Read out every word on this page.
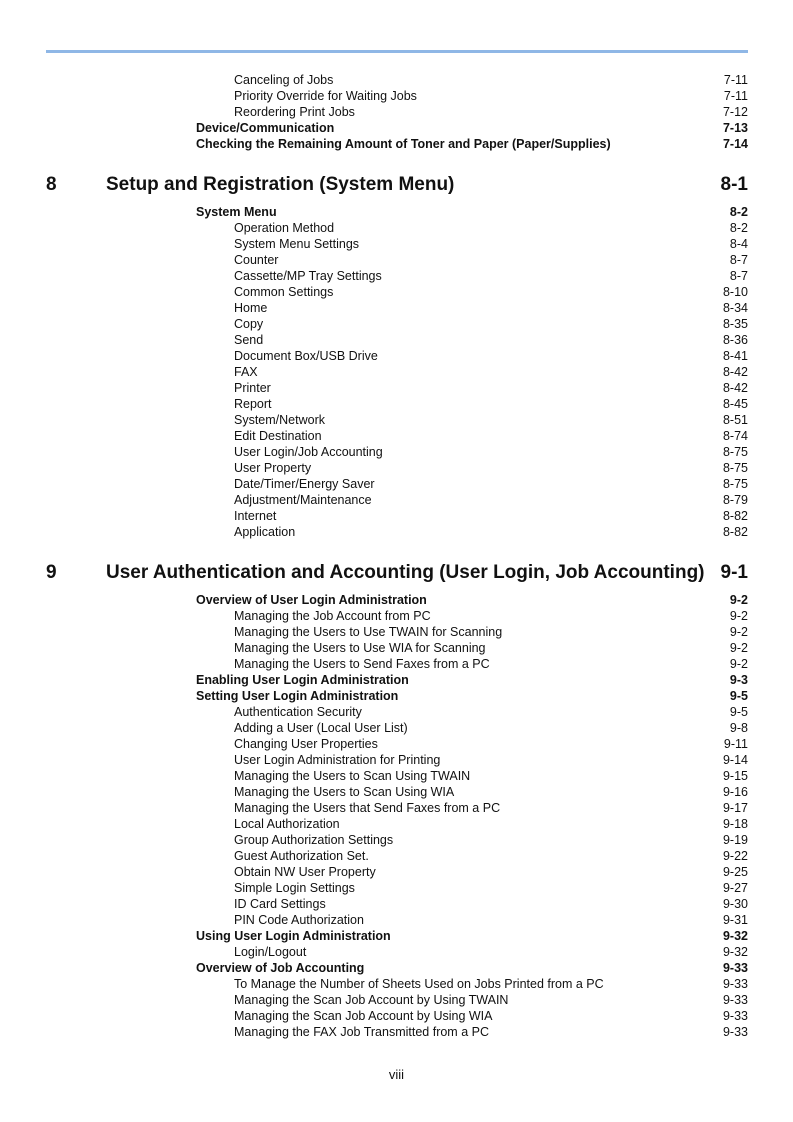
Canceling of Jobs	7-11
Priority Override for Waiting Jobs	7-11
Reordering Print Jobs	7-12
Device/Communication	7-13
Checking the Remaining Amount of Toner and Paper (Paper/Supplies)	7-14
8	Setup and Registration (System Menu)	8-1
System Menu	8-2
Operation Method	8-2
System Menu Settings	8-4
Counter	8-7
Cassette/MP Tray Settings	8-7
Common Settings	8-10
Home	8-34
Copy	8-35
Send	8-36
Document Box/USB Drive	8-41
FAX	8-42
Printer	8-42
Report	8-45
System/Network	8-51
Edit Destination	8-74
User Login/Job Accounting	8-75
User Property	8-75
Date/Timer/Energy Saver	8-75
Adjustment/Maintenance	8-79
Internet	8-82
Application	8-82
9	User Authentication and Accounting (User Login, Job Accounting) 9-1
Overview of User Login Administration	9-2
Managing the Job Account from PC	9-2
Managing the Users to Use TWAIN for Scanning	9-2
Managing the Users to Use WIA for Scanning	9-2
Managing the Users to Send Faxes from a PC	9-2
Enabling User Login Administration	9-3
Setting User Login Administration	9-5
Authentication Security	9-5
Adding a User (Local User List)	9-8
Changing User Properties	9-11
User Login Administration for Printing	9-14
Managing the Users to Scan Using TWAIN	9-15
Managing the Users to Scan Using WIA	9-16
Managing the Users that Send Faxes from a PC	9-17
Local Authorization	9-18
Group Authorization Settings	9-19
Guest Authorization Set.	9-22
Obtain NW User Property	9-25
Simple Login Settings	9-27
ID Card Settings	9-30
PIN Code Authorization	9-31
Using User Login Administration	9-32
Login/Logout	9-32
Overview of Job Accounting	9-33
To Manage the Number of Sheets Used on Jobs Printed from a PC	9-33
Managing the Scan Job Account by Using TWAIN	9-33
Managing the Scan Job Account by Using WIA	9-33
Managing the FAX Job Transmitted from a PC	9-33
viii
